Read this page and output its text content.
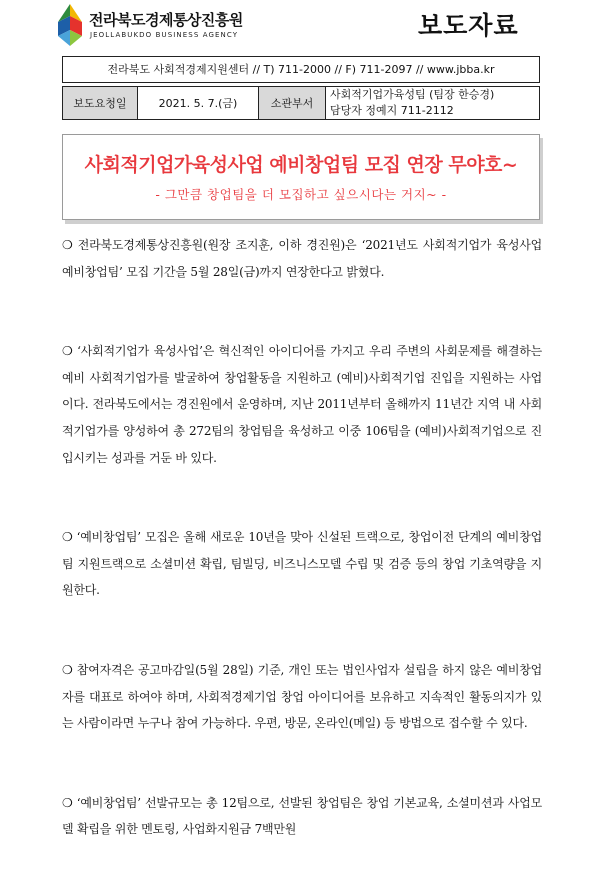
전라북도경제통상진흥원
JEOLLABUKDO BUSINESS AGENCY	보도자료
전라북도 사회적경제지원센터 // T) 711-2000 // F) 711-2097 // www.jbba.kr
보도요청일	2021. 5. 7.(금)	소관부서	
사회적기업가육성팀 (팀장 한승경)
담당자 정예지 711-2112
사회적기업가육성사업 예비창업팀 모집 연장 무야호~
- 그만큼 창업팀을 더 모집하고 싶으시다는 거지~ -

❍ 전라북도경제통상진흥원(원장 조지훈, 이하 경진원)은 ‘2021년도 사회적기업가 육성사업 예비창업팀’ 모집 기간을 5월 28일(금)까지 연장한다고 밝혔다.

❍ ‘사회적기업가 육성사업’은 혁신적인 아이디어를 가지고 우리 주변의 사회문제를 해결하는 예비 사회적기업가를 발굴하여 창업활동을 지원하고 (예비)사회적기업 진입을 지원하는 사업이다. 전라북도에서는 경진원에서 운영하며, 지난 2011년부터 올해까지 11년간 지역 내 사회적기업가를 양성하여 총 272팀의 창업팀을 육성하고 이중 106팀을 (예비)사회적기업으로 진입시키는 성과를 거둔 바 있다.

❍ ‘예비창업팀’ 모집은 올해 새로운 10년을 맞아 신설된 트랙으로, 창업이전 단계의 예비창업팀 지원트랙으로 소셜미션 확립, 팀빌딩, 비즈니스모델 수립 및 검증 등의 창업 기초역량을 지원한다.

❍ 참여자격은 공고마감일(5월 28일) 기준, 개인 또는 법인사업자 설립을 하지 않은 예비창업자를 대표로 하여야 하며, 사회적경제기업 창업 아이디어를 보유하고 지속적인 활동의지가 있는 사람이라면 누구나 참여 가능하다. 우편, 방문, 온라인(메일) 등 방법으로 접수할 수 있다.

❍ ‘예비창업팀’ 선발규모는 총 12팀으로, 선발된 창업팀은 창업 기본교육, 소셜미션과 사업모델 확립을 위한 멘토링, 사업화지원금 7백만원
